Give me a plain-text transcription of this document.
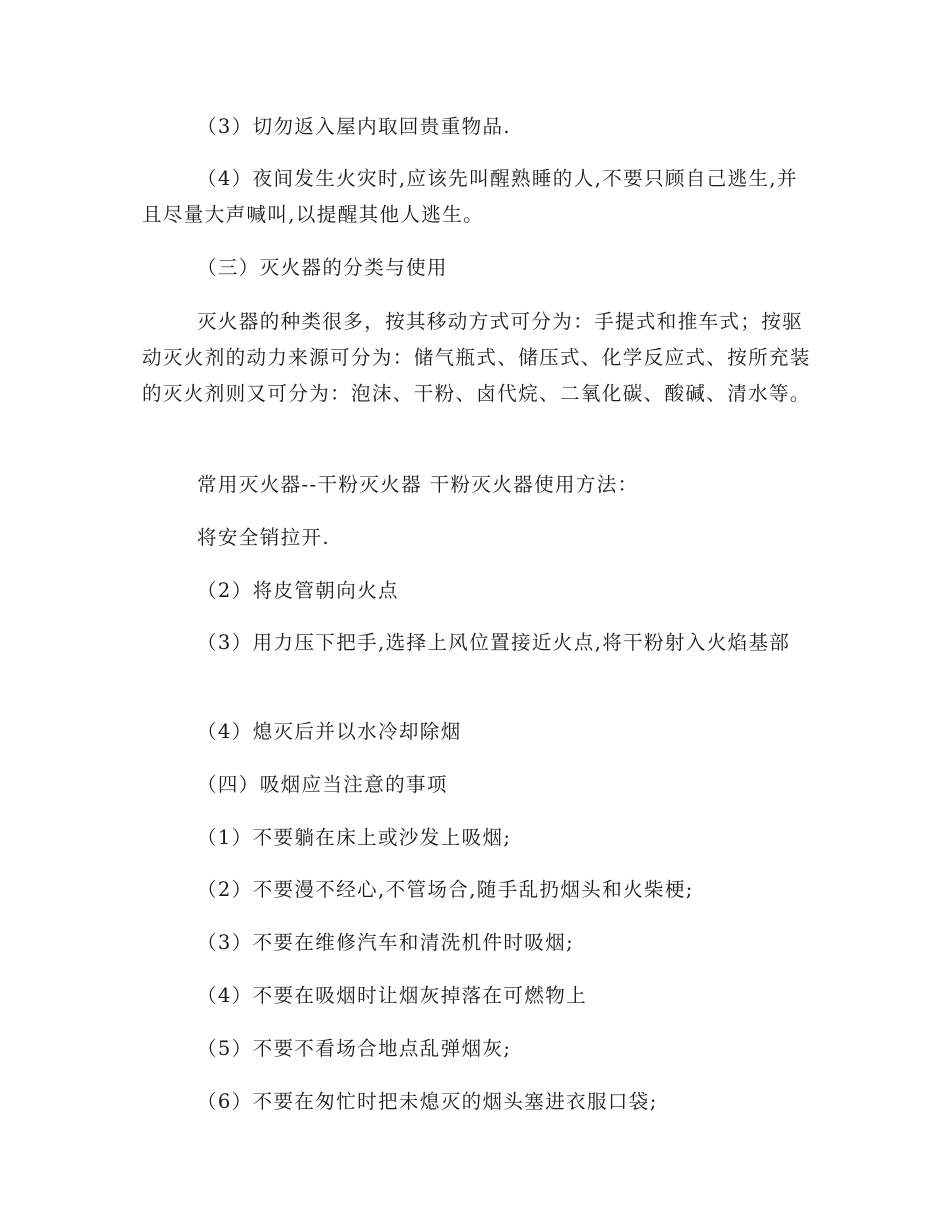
（3）切勿返入屋内取回贵重物品.

（4）夜间发生火灾时,应该先叫醒熟睡的人,不要只顾自己逃生,并且尽量大声喊叫,以提醒其他人逃生。

（三）灭火器的分类与使用

灭火器的种类很多，按其移动方式可分为：手提式和推车式；按驱动灭火剂的动力来源可分为：储气瓶式、储压式、化学反应式、按所充装的灭火剂则又可分为：泡沫、干粉、卤代烷、二氧化碳、酸碱、清水等。

常用灭火器--干粉灭火器 干粉灭火器使用方法：

将安全销拉开.

（2）将皮管朝向火点

（3）用力压下把手,选择上风位置接近火点,将干粉射入火焰基部

（4）熄灭后并以水冷却除烟

（四）吸烟应当注意的事项

（1）不要躺在床上或沙发上吸烟;

（2）不要漫不经心,不管场合,随手乱扔烟头和火柴梗;

（3）不要在维修汽车和清洗机件时吸烟;

（4）不要在吸烟时让烟灰掉落在可燃物上

（5）不要不看场合地点乱弹烟灰;

（6）不要在匆忙时把未熄灭的烟头塞进衣服口袋;
